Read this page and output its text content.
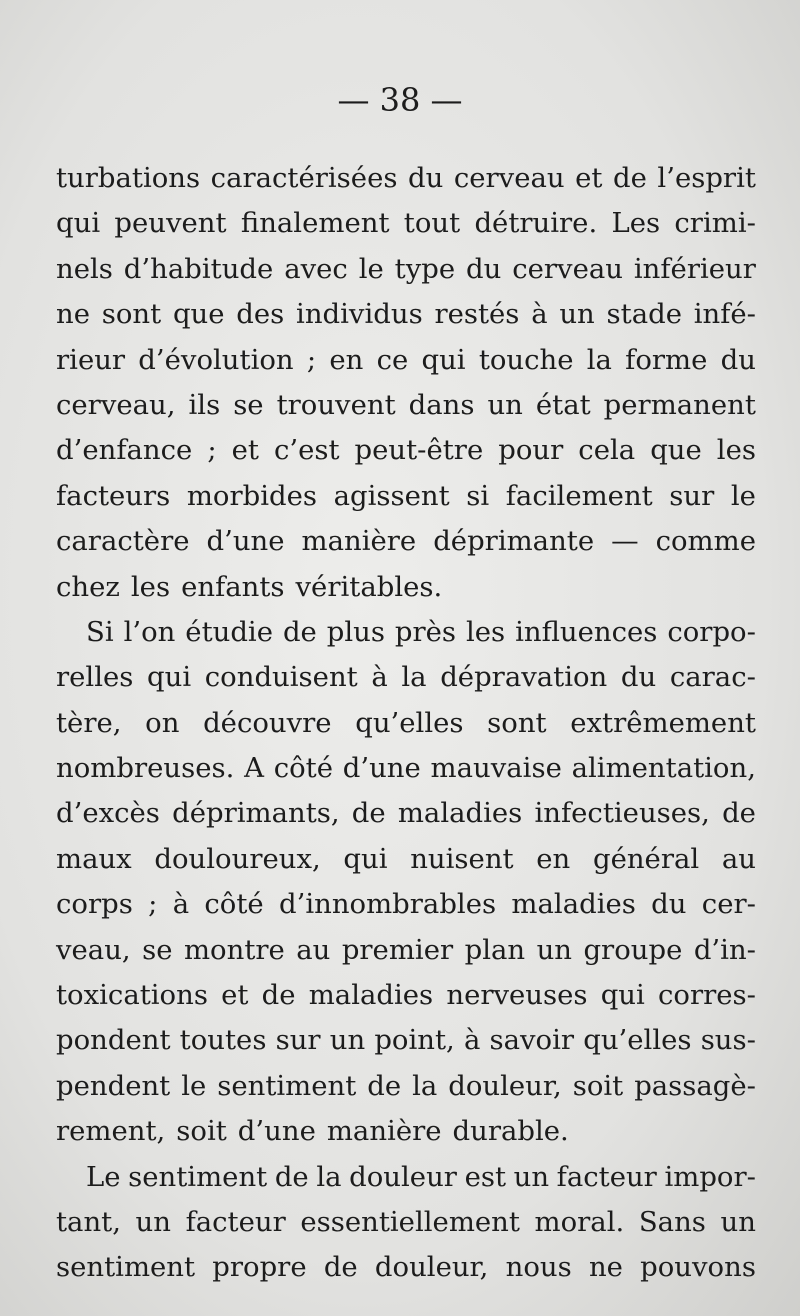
— 38 —
turbations caractérisées du cerveau et de l’esprit
qui peuvent finalement tout détruire. Les crimi-
nels d’habitude avec le type du cerveau inférieur
ne sont que des individus restés à un stade infé-
rieur d’évolution ; en ce qui touche la forme du
cerveau, ils se trouvent dans un état permanent
d’enfance ; et c’est peut-être pour cela que les
facteurs morbides agissent si facilement sur le
caractère d’une manière déprimante — comme
chez les enfants véritables.
Si l’on étudie de plus près les influences corpo-
relles qui conduisent à la dépravation du carac-
tère, on découvre qu’elles sont extrêmement
nombreuses. A côté d’une mauvaise alimentation,
d’excès déprimants, de maladies infectieuses, de
maux douloureux, qui nuisent en général au
corps ; à côté d’innombrables maladies du cer-
veau, se montre au premier plan un groupe d’in-
toxications et de maladies nerveuses qui corres-
pondent toutes sur un point, à savoir qu’elles sus-
pendent le sentiment de la douleur, soit passagè-
rement, soit d’une manière durable.
Le sentiment de la douleur est un facteur impor-
tant, un facteur essentiellement moral. Sans un
sentiment propre de douleur, nous ne pouvons
